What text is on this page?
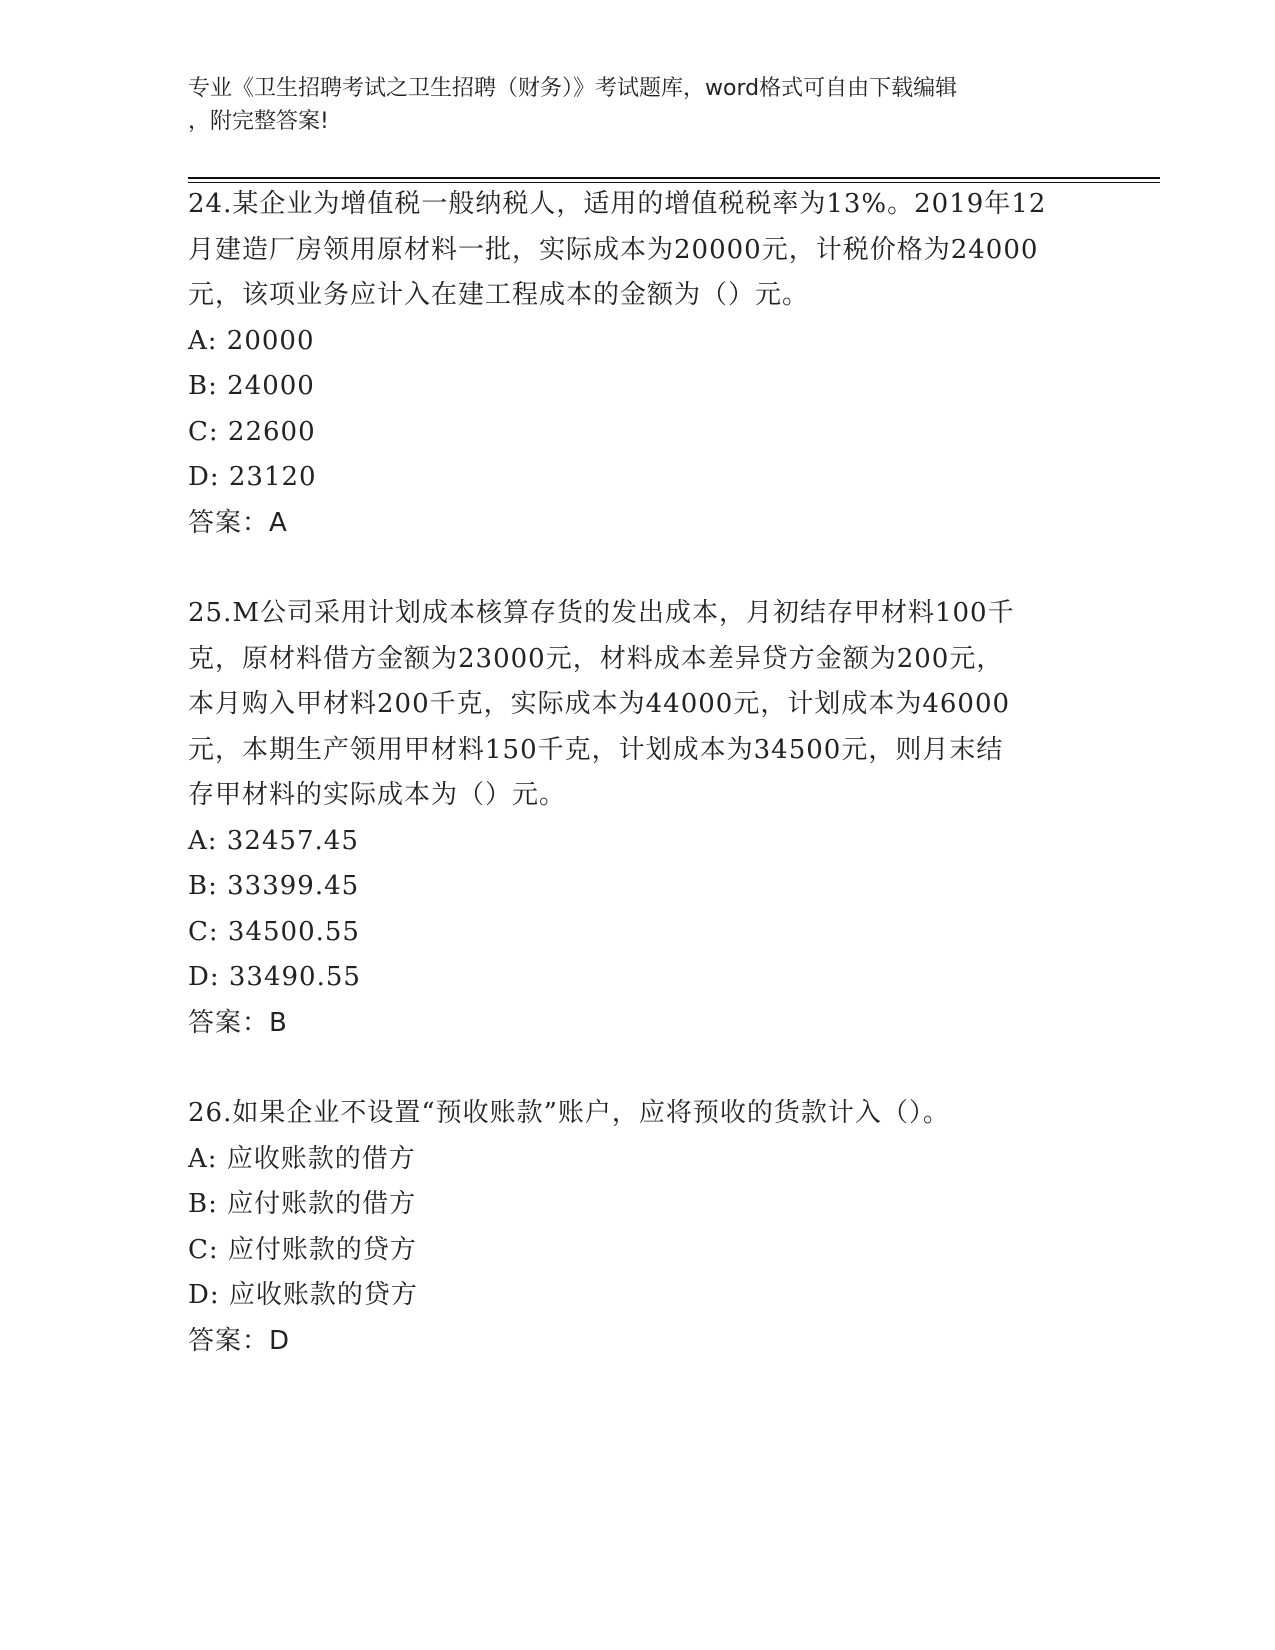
专业《卫生招聘考试之卫生招聘（财务）》考试题库，word格式可自由下载编辑
，附完整答案!
24.某企业为增值税一般纳税人，适用的增值税税率为13%。2019年12
月建造厂房领用原材料一批，实际成本为20000元，计税价格为24000
元，该项业务应计入在建工程成本的金额为（）元。
A: 20000
B: 24000
C: 22600
D: 23120
答案：A
25.M公司采用计划成本核算存货的发出成本，月初结存甲材料100千
克，原材料借方金额为23000元，材料成本差异贷方金额为200元，
本月购入甲材料200千克，实际成本为44000元，计划成本为46000
元，本期生产领用甲材料150千克，计划成本为34500元，则月末结
存甲材料的实际成本为（）元。
A: 32457.45
B: 33399.45
C: 34500.55
D: 33490.55
答案：B
26.如果企业不设置“预收账款”账户，应将预收的货款计入（）。
A: 应收账款的借方
B: 应付账款的借方
C: 应付账款的贷方
D: 应收账款的贷方
答案：D
